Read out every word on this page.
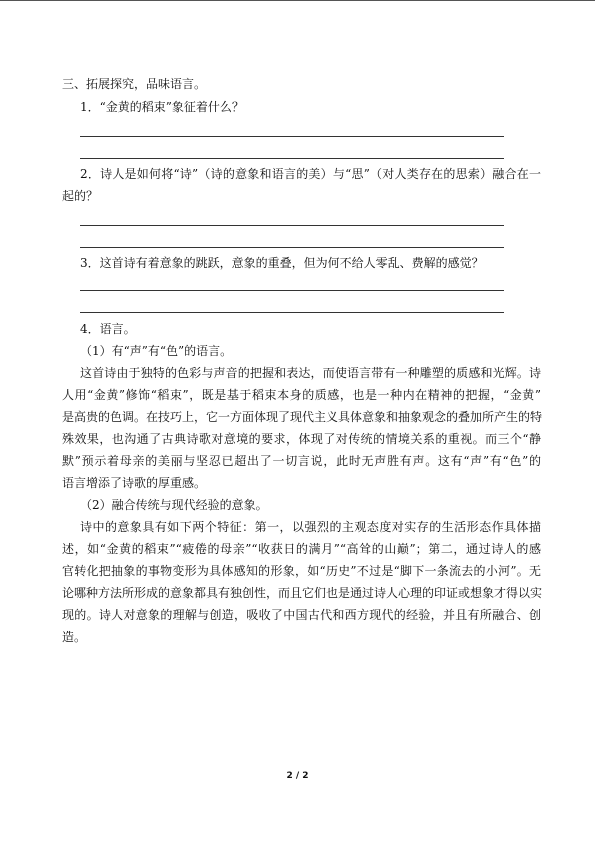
三、拓展探究，品味语言。
1．“金黄的稻束”象征着什么？
2．诗人是如何将“诗”（诗的意象和语言的美）与“思”（对人类存在的思索）融合在一
起的？
3．这首诗有着意象的跳跃，意象的重叠，但为何不给人零乱、费解的感觉？
4．语言。
（1）有“声”有“色”的语言。
这首诗由于独特的色彩与声音的把握和表达，而使语言带有一种雕塑的质感和光辉。诗
人用“金黄”修饰“稻束”，既是基于稻束本身的质感，也是一种内在精神的把握，“金黄”
是高贵的色调。在技巧上，它一方面体现了现代主义具体意象和抽象观念的叠加所产生的特
殊效果，也沟通了古典诗歌对意境的要求，体现了对传统的情境关系的重视。而三个“静
默”预示着母亲的美丽与坚忍已超出了一切言说，此时无声胜有声。这有“声”有“色”的
语言增添了诗歌的厚重感。
（2）融合传统与现代经验的意象。
诗中的意象具有如下两个特征：第一，以强烈的主观态度对实存的生活形态作具体描
述，如“金黄的稻束”“疲倦的母亲”“收获日的满月”“高耸的山巅”；第二，通过诗人的感
官转化把抽象的事物变形为具体感知的形象，如“历史”不过是“脚下一条流去的小河”。无
论哪种方法所形成的意象都具有独创性，而且它们也是通过诗人心理的印证或想象才得以实
现的。诗人对意象的理解与创造，吸收了中国古代和西方现代的经验，并且有所融合、创
造。
2 / 2
